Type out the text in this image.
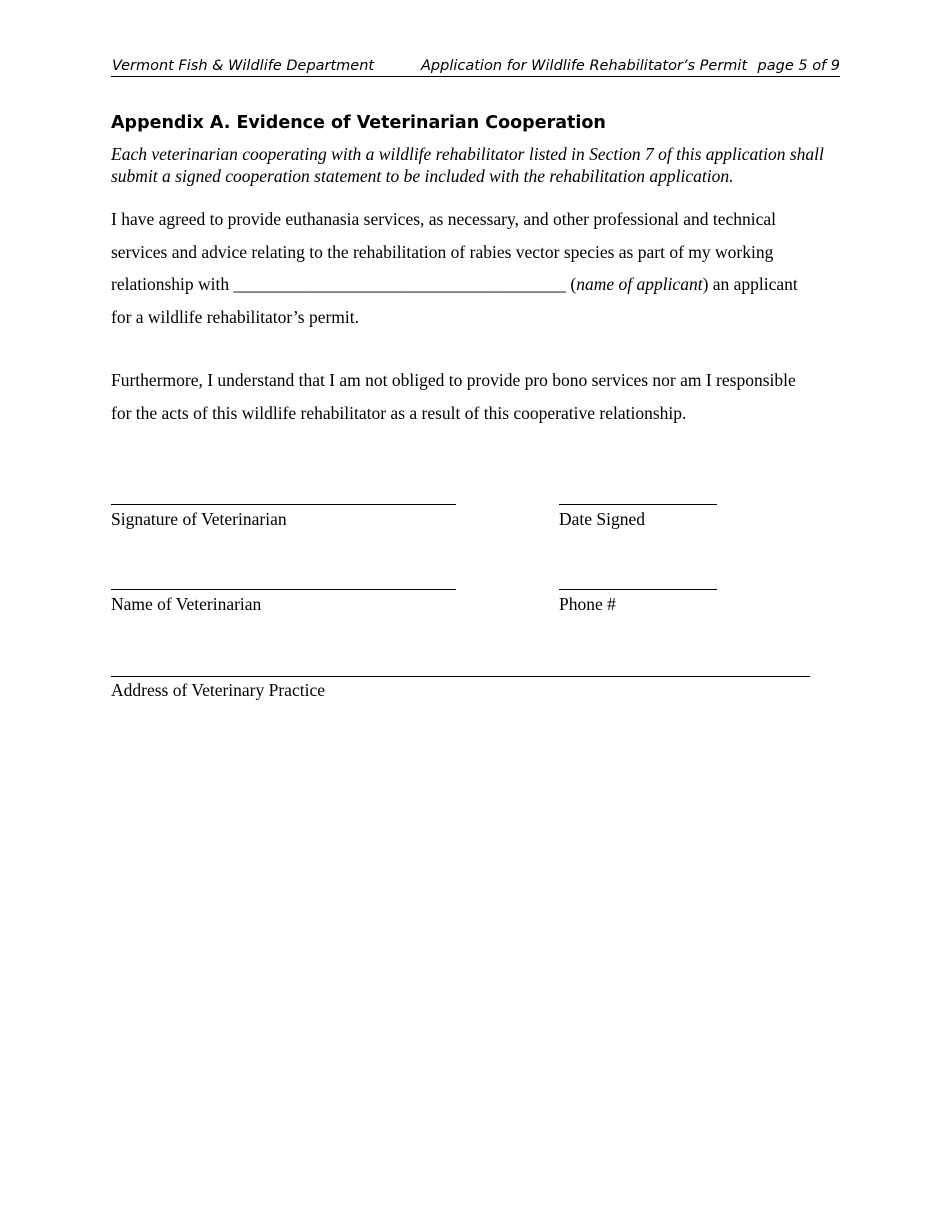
Vermont Fish & Wildlife Department	Application for Wildlife Rehabilitator’s Permit page 5 of 9
Appendix A. Evidence of Veterinarian Cooperation
Each veterinarian cooperating with a wildlife rehabilitator listed in Section 7 of this application shall submit a signed cooperation statement to be included with the rehabilitation application.
I have agreed to provide euthanasia services, as necessary, and other professional and technical services and advice relating to the rehabilitation of rabies vector species as part of my working relationship with ______________________________________ (name of applicant) an applicant for a wildlife rehabilitator’s permit.
Furthermore, I understand that I am not obliged to provide pro bono services nor am I responsible for the acts of this wildlife rehabilitator as a result of this cooperative relationship.
Signature of Veterinarian	Date Signed
Name of Veterinarian	Phone #
Address of Veterinary Practice
